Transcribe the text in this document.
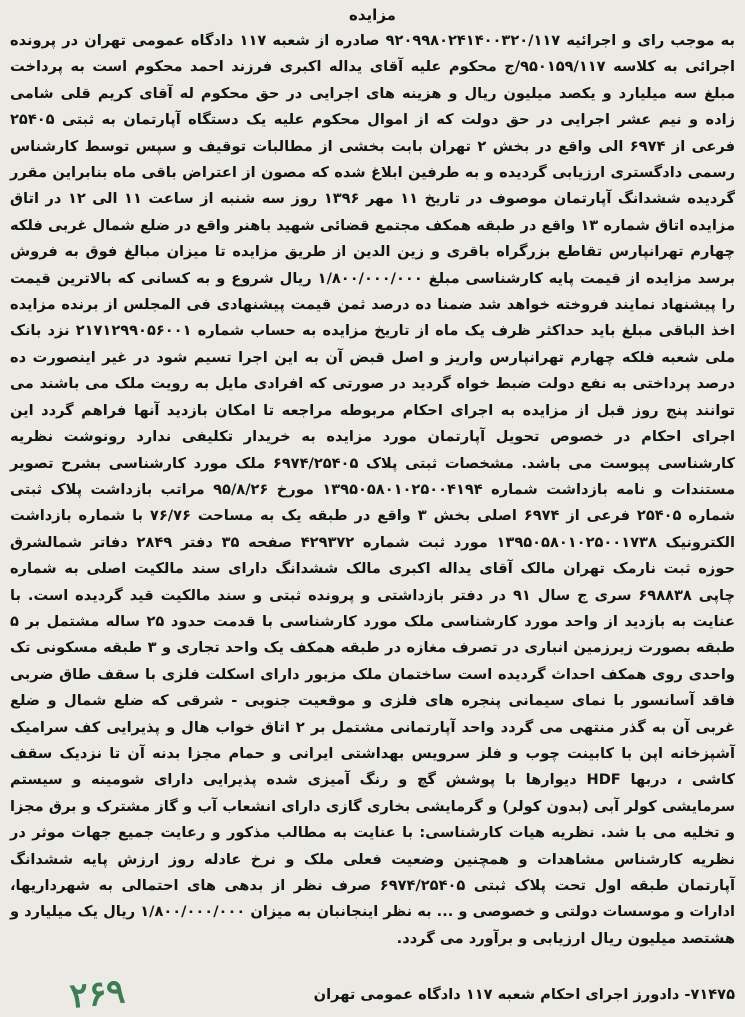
مزایده

به موجب رای و اجرائیه ۹۲۰۹۹۸۰۲۴۱۴۰۰۳۲۰/۱۱۷ صادره از شعبه ۱۱۷ دادگاه عمومی تهران در پرونده اجرائی به کلاسه ۹۵۰۱۵۹/۱۱۷/ج محکوم علیه آقای یداله اکبری فرزند احمد محکوم است به پرداخت مبلغ سه میلیارد و یکصد میلیون ریال و هزینه های اجرایی در حق محکوم له آقای کریم قلی شامی زاده و نیم عشر اجرایی در حق دولت که از اموال محکوم علیه یک دستگاه آپارتمان به ثبتی ۲۵۴۰۵ فرعی از ۶۹۷۴ الی واقع در بخش ۲ تهران بابت بخشی از مطالبات توقیف و سپس توسط کارشناس رسمی دادگستری ارزیابی گردیده و به طرفین ابلاغ شده که مصون از اعتراض باقی ماه بنابراین مقرر گردیده ششدانگ آپارتمان موصوف در تاریخ ۱۱ مهر ۱۳۹۶ روز سه شنبه از ساعت ۱۱ الی ۱۲ در اتاق مزایده اتاق شماره ۱۳ واقع در طبقه همکف مجتمع قضائی شهید باهنر واقع در ضلع شمال غربی فلکه چهارم تهرانپارس تقاطع بزرگراه باقری و زین الدین از طریق مزایده تا میزان مبالغ فوق به فروش برسد مزایده از قیمت پایه کارشناسی مبلغ ۱/۸۰۰/۰۰۰/۰۰۰ ریال شروع و به کسانی که بالاترین قیمت را پیشنهاد نمایند فروخته خواهد شد ضمنا ده درصد ثمن قیمت پیشنهادی فی المجلس از برنده مزایده اخذ الباقی مبلغ باید حداکثر ظرف یک ماه از تاریخ مزایده به حساب شماره ۲۱۷۱۲۹۹۰۵۶۰۰۱ نزد بانک ملی شعبه فلکه چهارم تهرانپارس واریز و اصل قبض آن به این اجرا تسیم شود در غیر اینصورت ده درصد پرداختی به نفع دولت ضبط خواه گردید در صورتی که افرادی مایل به رویت ملک می باشند می توانند پنج روز قبل از مزایده به اجرای احکام مربوطه مراجعه تا امکان بازدید آنها فراهم گردد این اجرای احکام در خصوص تحویل آپارتمان مورد مزایده به خریدار تکلیفی ندارد رونوشت نظریه کارشناسی پیوست می باشد. مشخصات ثبتی پلاک ۶۹۷۴/۲۵۴۰۵ ملک مورد کارشناسی بشرح تصویر مستندات و نامه بازداشت شماره ۱۳۹۵۰۵۸۰۱۰۲۵۰۰۴۱۹۴ مورخ ۹۵/۸/۲۶ مراتب بازداشت پلاک ثبتی شماره ۲۵۴۰۵ فرعی از ۶۹۷۴ اصلی بخش ۳ واقع در طبقه یک به مساحت ۷۶/۷۶ با شماره بازداشت الکترونیک ۱۳۹۵۰۵۸۰۱۰۲۵۰۰۱۷۳۸ مورد ثبت شماره ۴۲۹۳۷۲ صفحه ۳۵ دفتر ۲۸۴۹ دفاتر شمالشرق حوزه ثبت نارمک تهران مالک آقای یداله اکبری مالک ششدانگ دارای سند مالکیت اصلی به شماره چاپی ۶۹۸۸۳۸ سری ج سال ۹۱ در دفتر بازداشتی و پرونده ثبتی و سند مالکیت قید گردیده است. با عنایت به بازدید از واحد مورد کارشناسی ملک مورد کارشناسی با قدمت حدود ۲۵ ساله مشتمل بر ۵ طبقه بصورت زیرزمین انباری در تصرف مغازه در طبقه همکف یک واحد تجاری و ۳ طبقه مسکونی تک واحدی روی همکف احداث گردیده است ساختمان ملک مزبور دارای اسکلت فلزی با سقف طاق ضربی فاقد آسانسور با نمای سیمانی پنجره های فلزی و موقعیت جنوبی - شرقی که ضلع شمال و ضلع غربی آن به گذر منتهی می گردد واحد آپارتمانی مشتمل بر ۲ اتاق خواب هال و پذیرایی کف سرامیک آشپزخانه اپن با کابینت چوب و فلز سرویس بهداشتی ایرانی و حمام مجزا بدنه آن تا نزدیک سقف کاشی ، دربها HDF دیوارها با پوشش گچ و رنگ آمیزی شده پذیرایی دارای شومینه و سیستم سرمایشی کولر آبی (بدون کولر) و گرمایشی بخاری گازی دارای انشعاب آب و گاز مشترک و برق مجزا و تخلیه می با شد. نظریه هیات کارشناسی: با عنایت به مطالب مذکور و رعایت جمیع جهات موثر در نظریه کارشناس مشاهدات و همچنین وضعیت فعلی ملک و نرخ عادله روز ارزش پایه ششدانگ آپارتمان طبقه اول تحت پلاک ثبتی ۶۹۷۴/۲۵۴۰۵ صرف نظر از بدهی های احتمالی به شهرداریها، ادارات و موسسات دولتی و خصوصی و ... به نظر اینجانبان به میزان ۱/۸۰۰/۰۰۰/۰۰۰ ریال یک میلیارد و هشتصد میلیون ریال ارزیابی و برآورد می گردد.

۷۱۴۷۵- دادورز اجرای احکام شعبه ۱۱۷ دادگاه عمومی تهران
۲۶۹
